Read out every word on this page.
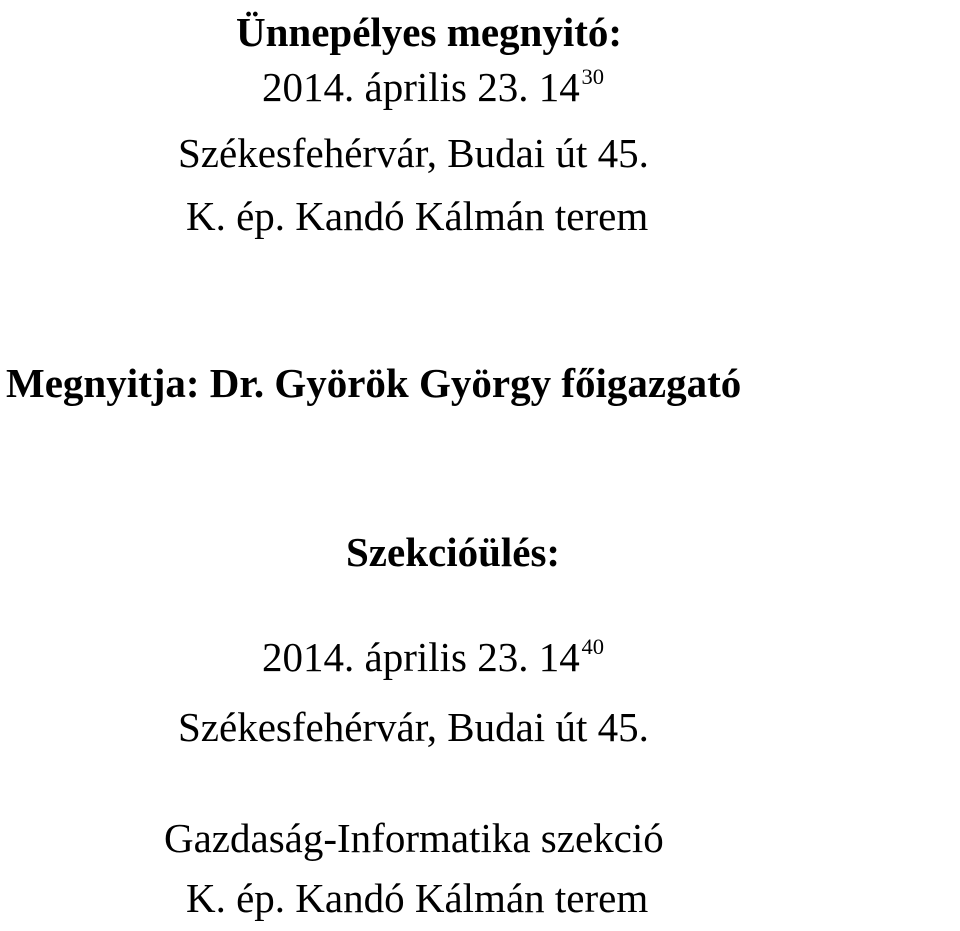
Ünnepélyes megnyitó:
2014. április 23. $14^{30}$
Székesfehérvár, Budai út 45.
K. ép. Kandó Kálmán terem
Megnyitja: Dr. Györök György főigazgató
Szekcióülés:
2014. április 23. $14^{40}$
Székesfehérvár, Budai út 45.
Gazdaság-Informatika szekció
K. ép. Kandó Kálmán terem
